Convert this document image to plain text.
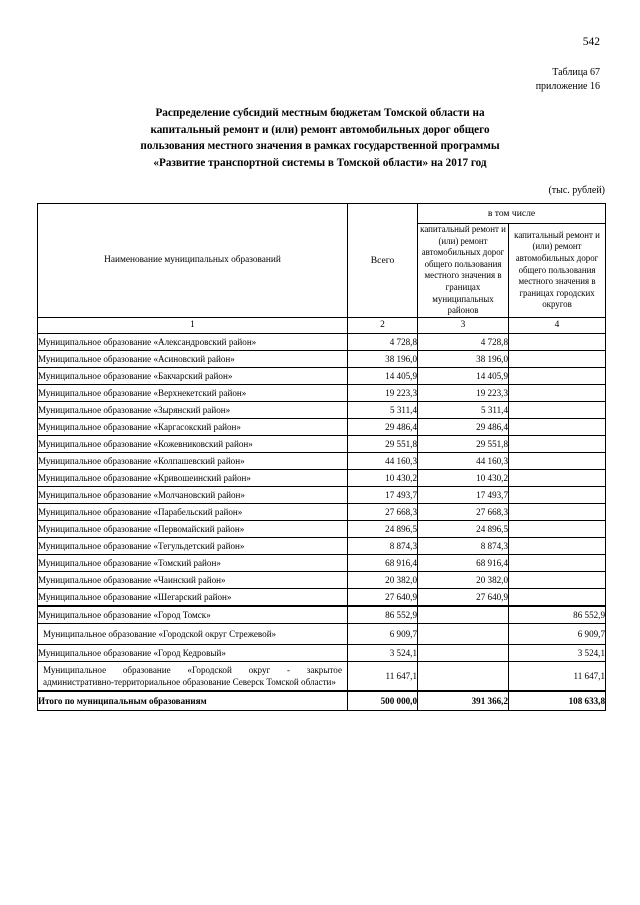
542
Таблица 67
приложение 16
Распределение субсидий местным бюджетам Томской области на
капитальный ремонт и (или) ремонт автомобильных дорог общего
пользования местного значения в рамках государственной программы
«Развитие транспортной системы в Томской области» на 2017 год
(тыс. рублей)
Наименование муниципальных образований	Всего	в том числе	
		капитальный ремонт и (или) ремонт автомобильных дорог общего пользования местного значения в границах муниципальных районов	капитальный ремонт и (или) ремонт автомобильных дорог общего пользования местного значения в границах городских округов
1	2	3	4
Муниципальное образование «Александровский район»	4 728,8	4 728,8	
Муниципальное образование «Асиновский район»	38 196,0	38 196,0	
Муниципальное образование «Бакчарский район»	14 405,9	14 405,9	
Муниципальное образование «Верхнекетский район»	19 223,3	19 223,3	
Муниципальное образование «Зырянский район»	5 311,4	5 311,4	
Муниципальное образование «Каргасокский район»	29 486,4	29 486,4	
Муниципальное образование «Кожевниковский район»	29 551,8	29 551,8	
Муниципальное образование «Колпашевский район»	44 160,3	44 160,3	
Муниципальное образование «Кривошеинский район»	10 430,2	10 430,2	
Муниципальное образование «Молчановский район»	17 493,7	17 493,7	
Муниципальное образование «Парабельский район»	27 668,3	27 668,3	
Муниципальное образование «Первомайский район»	24 896,5	24 896,5	
Муниципальное образование «Тегульдетский район»	8 874,3	8 874,3	
Муниципальное образование «Томский район»	68 916,4	68 916,4	
Муниципальное образование «Чаинский район»	20 382,0	20 382,0	
Муниципальное образование «Шегарский район»	27 640,9	27 640,9	
Муниципальное образование «Город Томск»	86 552,9		86 552,9
Муниципальное образование «Городской округ Стрежевой»	6 909,7		6 909,7
Муниципальное образование «Город Кедровый»	3 524,1		3 524,1
Муниципальное образование «Городской округ - закрытое административно-территориальное образование Северск Томской области»	11 647,1		11 647,1
Итого по муниципальным образованиям	500 000,0	391 366,2	108 633,8
